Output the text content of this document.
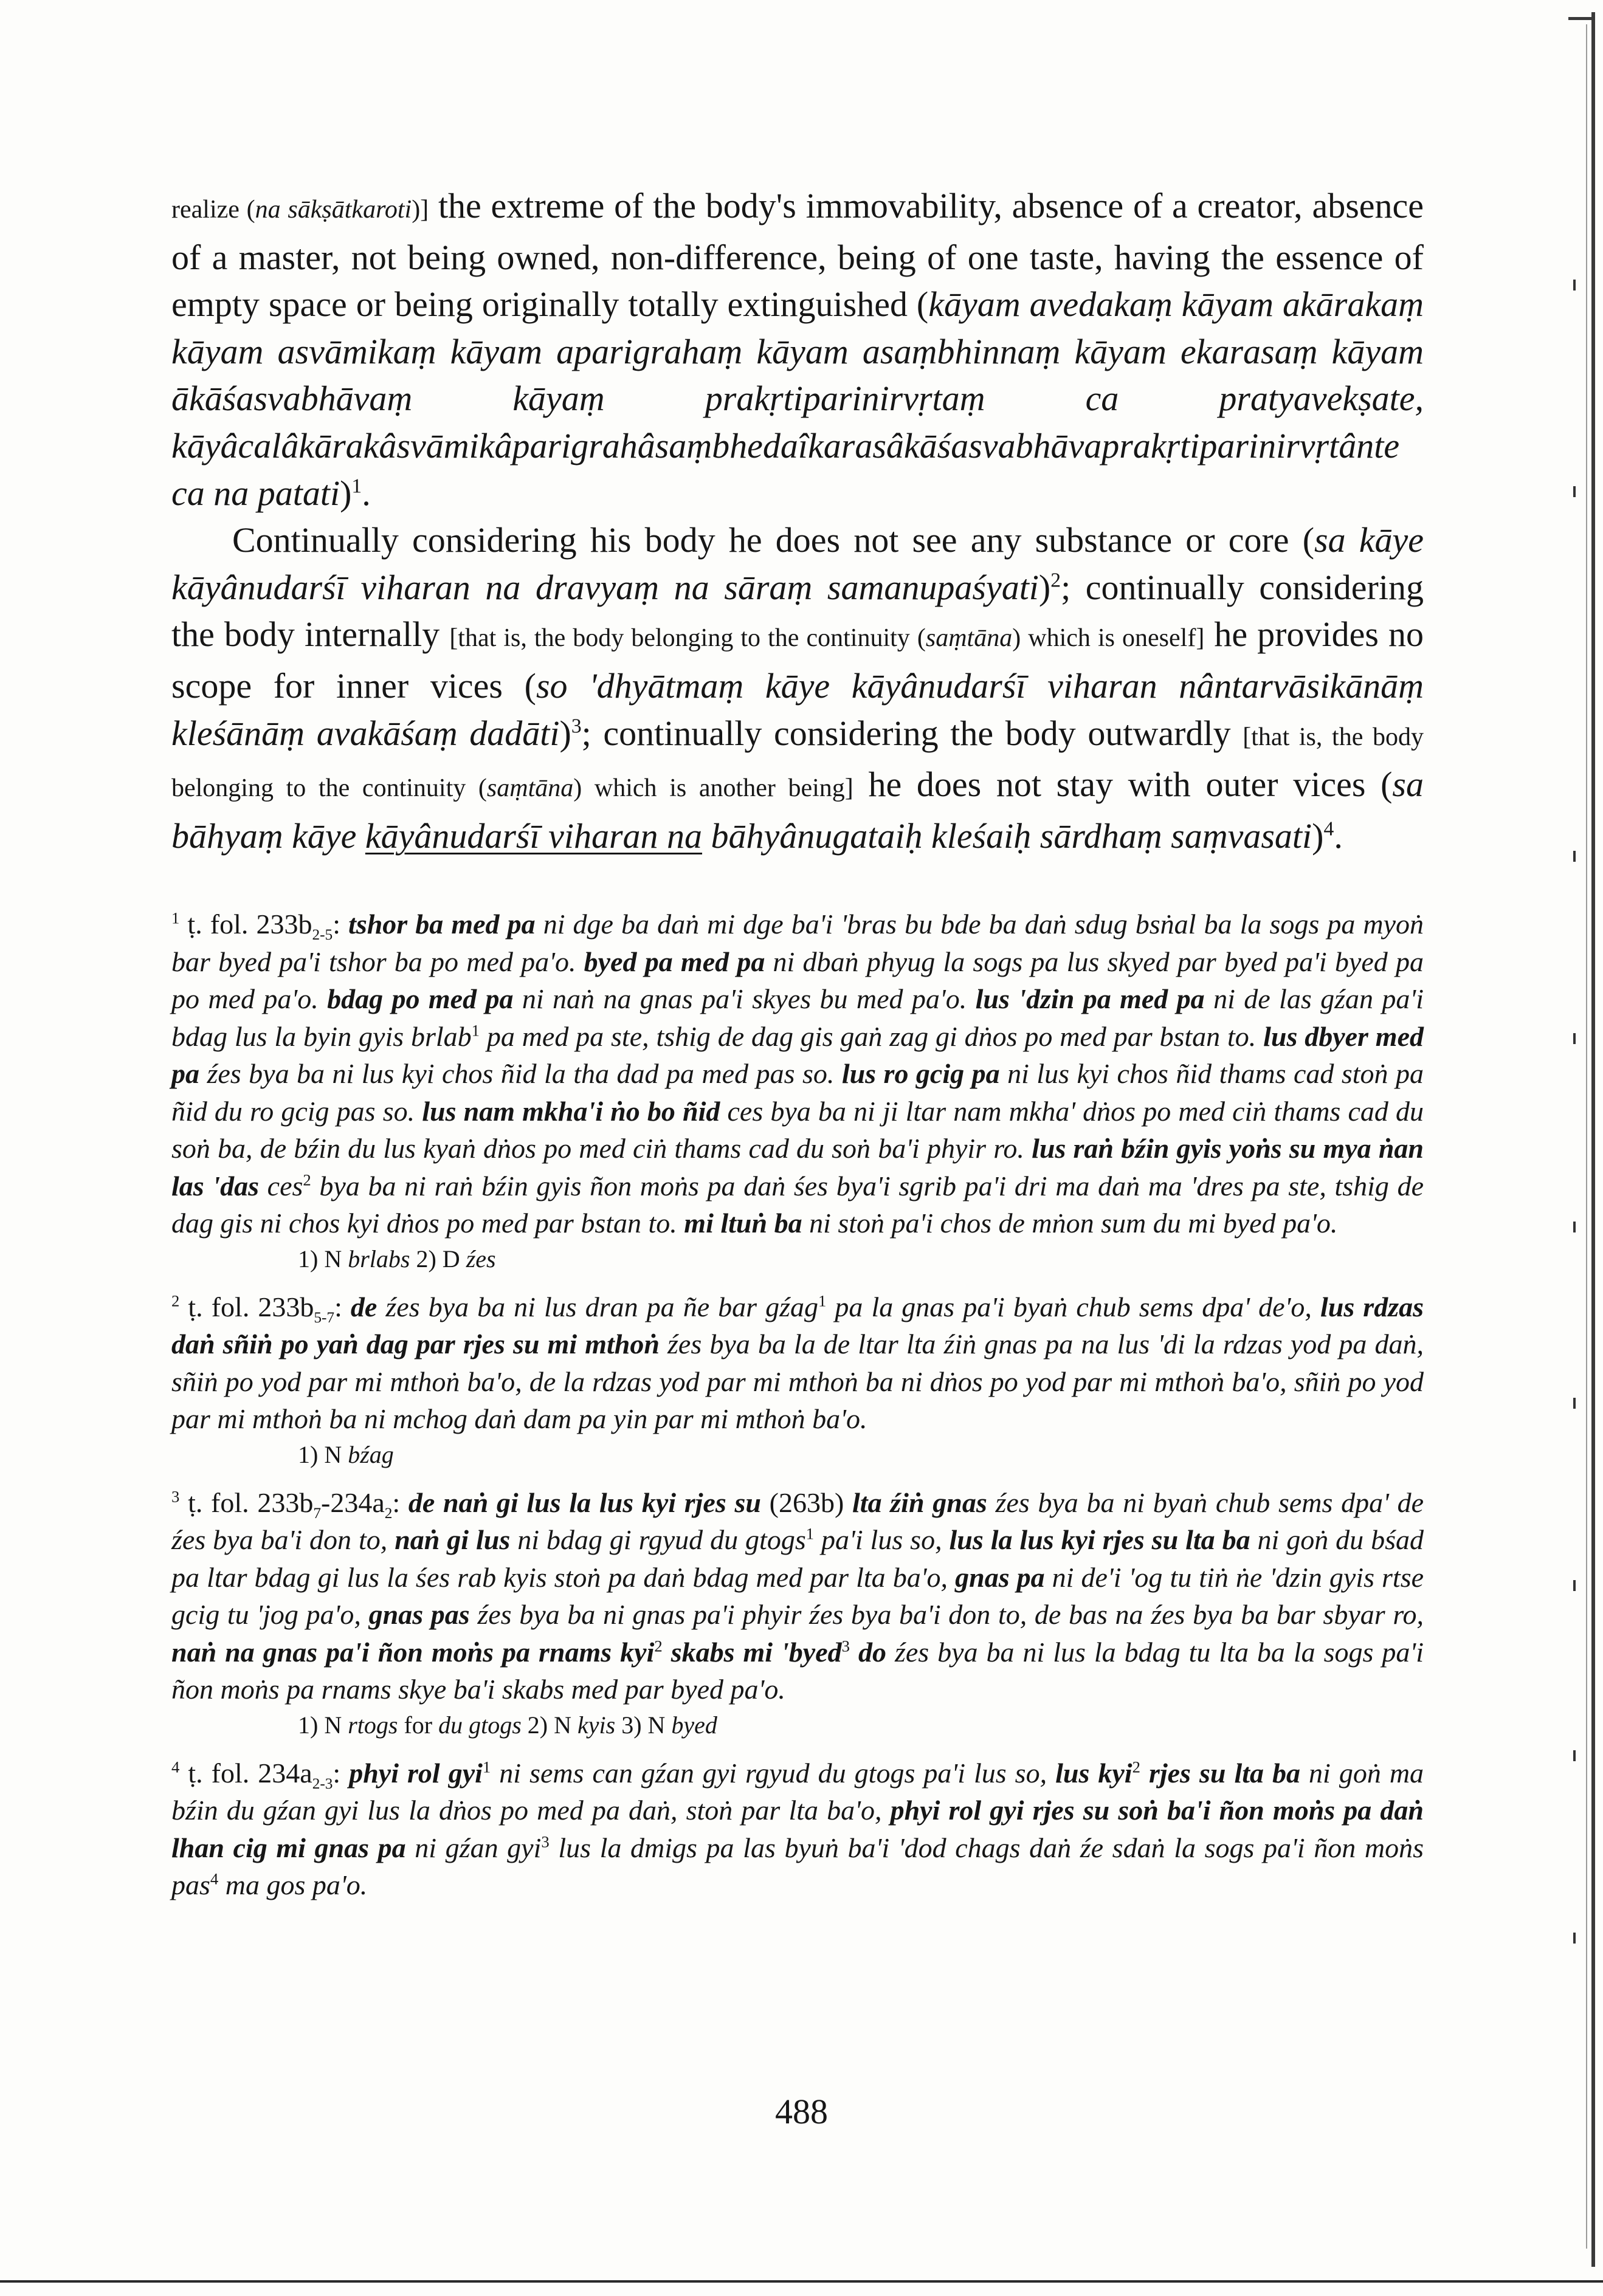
realize (na sākṣātkaroti)] the extreme of the body's immovability, absence of a creator, absence of a master, not being owned, non-difference, being of one taste, having the essence of empty space or being originally totally extinguished (kāyam avedakaṃ kāyam akārakaṃ kāyam asvāmikaṃ kāyam aparigrahaṃ kāyam asaṃbhinnaṃ kāyam ekarasaṃ kāyam ākāśasvabhāvaṃ kāyaṃ prakṛtiparinirvṛtaṃ ca pratyavekṣate, kāyâcalâkārakâsvāmikâparigrahâsaṃbhedaîkarasâkāśasvabhāvaprakṛtiparinirvṛtânte ca na patati)$^1$.

Continually considering his body he does not see any substance or core (sa kāye kāyânudarśī viharan na dravyaṃ na sāraṃ samanupaśyati)$^2$; continually considering the body internally [that is, the body belonging to the continuity (saṃtāna) which is oneself] he provides no scope for inner vices (so 'dhyātmaṃ kāye kāyânudarśī viharan nântarvāsikānāṃ kleśānāṃ avakāśaṃ dadāti)$^3$; continually considering the body outwardly [that is, the body belonging to the continuity (saṃtāna) which is another being] he does not stay with outer vices (sa bāhyaṃ kāye kāyânudarśī viharan na bāhyânugataiḥ kleśaiḥ sārdhaṃ saṃvasati)$^4$.

$^1$ ṭ. fol. $233b_{2-5}$: tshor ba med pa ni dge ba daṅ mi dge ba'i 'bras bu bde ba daṅ sdug bsṅal ba la sogs pa myoṅ bar byed pa'i tshor ba po med pa'o. byed pa med pa ni dbaṅ phyug la sogs pa lus skyed par byed pa'i byed pa po med pa'o. bdag po med pa ni naṅ na gnas pa'i skyes bu med pa'o. lus 'dzin pa med pa ni de las gźan pa'i bdag lus la byin gyis brlab$^1$ pa med pa ste, tshig de dag gis gaṅ zag gi dṅos po med par bstan to. lus dbyer med pa źes bya ba ni lus kyi chos ñid la tha dad pa med pas so. lus ro gcig pa ni lus kyi chos ñid thams cad stoṅ pa ñid du ro gcig pas so. lus nam mkha'i ṅo bo ñid ces bya ba ni ji ltar nam mkha' dṅos po med ciṅ thams cad du soṅ ba, de bźin du lus kyaṅ dṅos po med ciṅ thams cad du soṅ ba'i phyir ro. lus raṅ bźin gyis yoṅs su mya ṅan las 'das ces$^2$ bya ba ni raṅ bźin gyis ñon moṅs pa daṅ śes bya'i sgrib pa'i dri ma daṅ ma 'dres pa ste, tshig de dag gis ni chos kyi dṅos po med par bstan to. mi ltuṅ ba ni stoṅ pa'i chos de mṅon sum du mi byed pa'o.

1) N brlabs 2) D źes

$^2$ ṭ. fol. $233b_{5-7}$: de źes bya ba ni lus dran pa ñe bar gźag$^1$ pa la gnas pa'i byaṅ chub sems dpa' de'o, lus rdzas daṅ sñiṅ po yaṅ dag par rjes su mi mthoṅ źes bya ba la de ltar lta źiṅ gnas pa na lus 'di la rdzas yod pa daṅ, sñiṅ po yod par mi mthoṅ ba'o, de la rdzas yod par mi mthoṅ ba ni dṅos po yod par mi mthoṅ ba'o, sñiṅ po yod par mi mthoṅ ba ni mchog daṅ dam pa yin par mi mthoṅ ba'o.

1) N bźag

$^3$ ṭ. fol. $233b_7-234a_2$: de naṅ gi lus la lus kyi rjes su (263b) lta źiṅ gnas źes bya ba ni byaṅ chub sems dpa' de źes bya ba'i don to, naṅ gi lus ni bdag gi rgyud du gtogs$^1$ pa'i lus so, lus la lus kyi rjes su lta ba ni goṅ du bśad pa ltar bdag gi lus la śes rab kyis stoṅ pa daṅ bdag med par lta ba'o, gnas pa ni de'i 'og tu tiṅ ṅe 'dzin gyis rtse gcig tu 'jog pa'o, gnas pas źes bya ba ni gnas pa'i phyir źes bya ba'i don to, de bas na źes bya ba bar sbyar ro, naṅ na gnas pa'i ñon moṅs pa rnams kyi$^2$ skabs mi 'byed$^3$ do źes bya ba ni lus la bdag tu lta ba la sogs pa'i ñon moṅs pa rnams skye ba'i skabs med par byed pa'o.

1) N rtogs for du gtogs 2) N kyis 3) N byed

$^4$ ṭ. fol. $234a_{2-3}$: phyi rol gyi$^1$ ni sems can gźan gyi rgyud du gtogs pa'i lus so, lus kyi$^2$ rjes su lta ba ni goṅ ma bźin du gźan gyi lus la dṅos po med pa daṅ, stoṅ par lta ba'o, phyi rol gyi rjes su soṅ ba'i ñon moṅs pa daṅ lhan cig mi gnas pa ni gźan gyi$^3$ lus la dmigs pa las byuṅ ba'i 'dod chags daṅ źe sdaṅ la sogs pa'i ñon moṅs pas$^4$ ma gos pa'o.

488
